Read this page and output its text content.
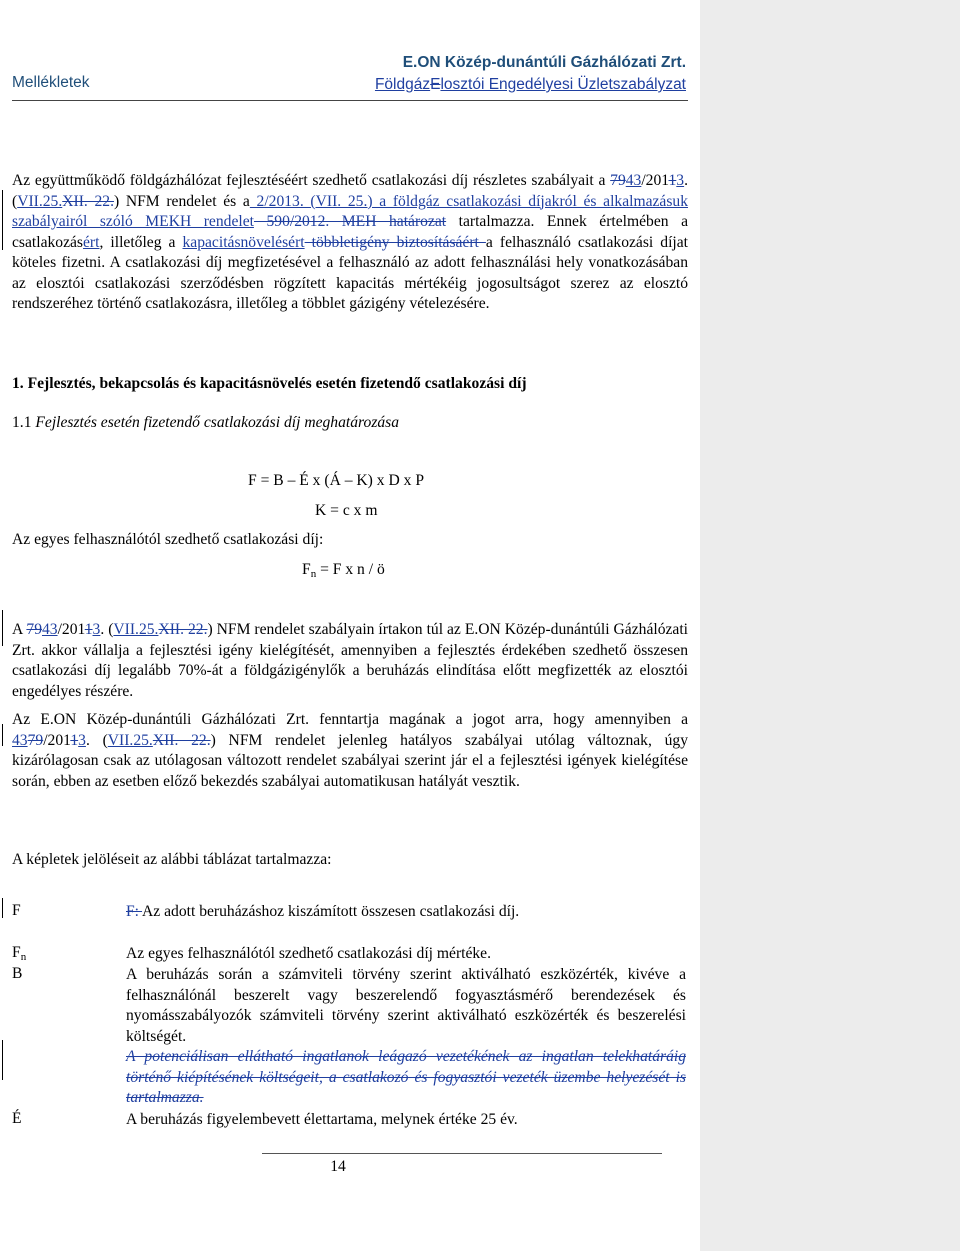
Mellékletek
E.ON Közép-dunántúli Gázhálózati Zrt.
FöldgázElosztói Engedélyesi Üzletszabályzat
Az együttműködő földgázhálózat fejlesztéséért szedhető csatlakozási díj részletes szabályait a 7943/20113. (VII.25.XII. 22.) NFM rendelet és a 2/2013. (VII. 25.) a földgáz csatlakozási díjakról és alkalmazásuk szabályairól szóló MEKH rendelet 590/2012. MEH határozat tartalmazza. Ennek értelmében a csatlakozásért, illetőleg a kapacitásnövelésért többletigény biztosításáért a felhasználó csatlakozási díjat köteles fizetni. A csatlakozási díj megfizetésével a felhasználó az adott felhasználási hely vonatkozásában az elosztói csatlakozási szerződésben rögzített kapacitás mértékéig jogosultságot szerez az elosztó rendszeréhez történő csatlakozásra, illetőleg a többlet gázigény vételezésére.
1. Fejlesztés, bekapcsolás és kapacitásnövelés esetén fizetendő csatlakozási díj
1.1 Fejlesztés esetén fizetendő csatlakozási díj meghatározása
F = B – É x (Á – K) x D x P
K = c x m
Az egyes felhasználótól szedhető csatlakozási díj:
$F_n = F$ x n / ö
A 7943/20113. (VII.25.XII. 22.) NFM rendelet szabályain írtakon túl az E.ON Közép-dunántúli Gázhálózati Zrt. akkor vállalja a fejlesztési igény kielégítését, amennyiben a fejlesztés érdekében szedhető összesen csatlakozási díj legalább 70%-át a földgázigénylők a beruházás elindítása előtt megfizették az elosztói engedélyes részére.
Az E.ON Közép-dunántúli Gázhálózati Zrt. fenntartja magának a jogot arra, hogy amennyiben a 4379/20113. (VII.25.XII. 22.) NFM rendelet jelenleg hatályos szabályai utólag változnak, úgy kizárólagosan csak az utólagosan változott rendelet szabályai szerint jár el a fejlesztési igények kielégítése során, ebben az esetben előző bekezdés szabályai automatikusan hatályát vesztik.
A képletek jelöléseit az alábbi táblázat tartalmazza:
F	F: Az adott beruházáshoz kiszámított összesen csatlakozási díj.
$F_n$	Az egyes felhasználótól szedhető csatlakozási díj mértéke.
B	A beruházás során a számviteli törvény szerint aktiválható eszközérték, kivéve a felhasználónál beszerelt vagy beszerelendő fogyasztásmérő berendezések és nyomásszabályozók számviteli törvény szerint aktiválható eszközérték és beszerelési költségét.
A potenciálisan ellátható ingatlanok leágazó vezetékének az ingatlan telekhatáráig történő kiépítésének költségeit, a csatlakozó és fogyasztói vezeték üzembe helyezését is tartalmazza.
É	A beruházás figyelembevett élettartama, melynek értéke 25 év.
14
